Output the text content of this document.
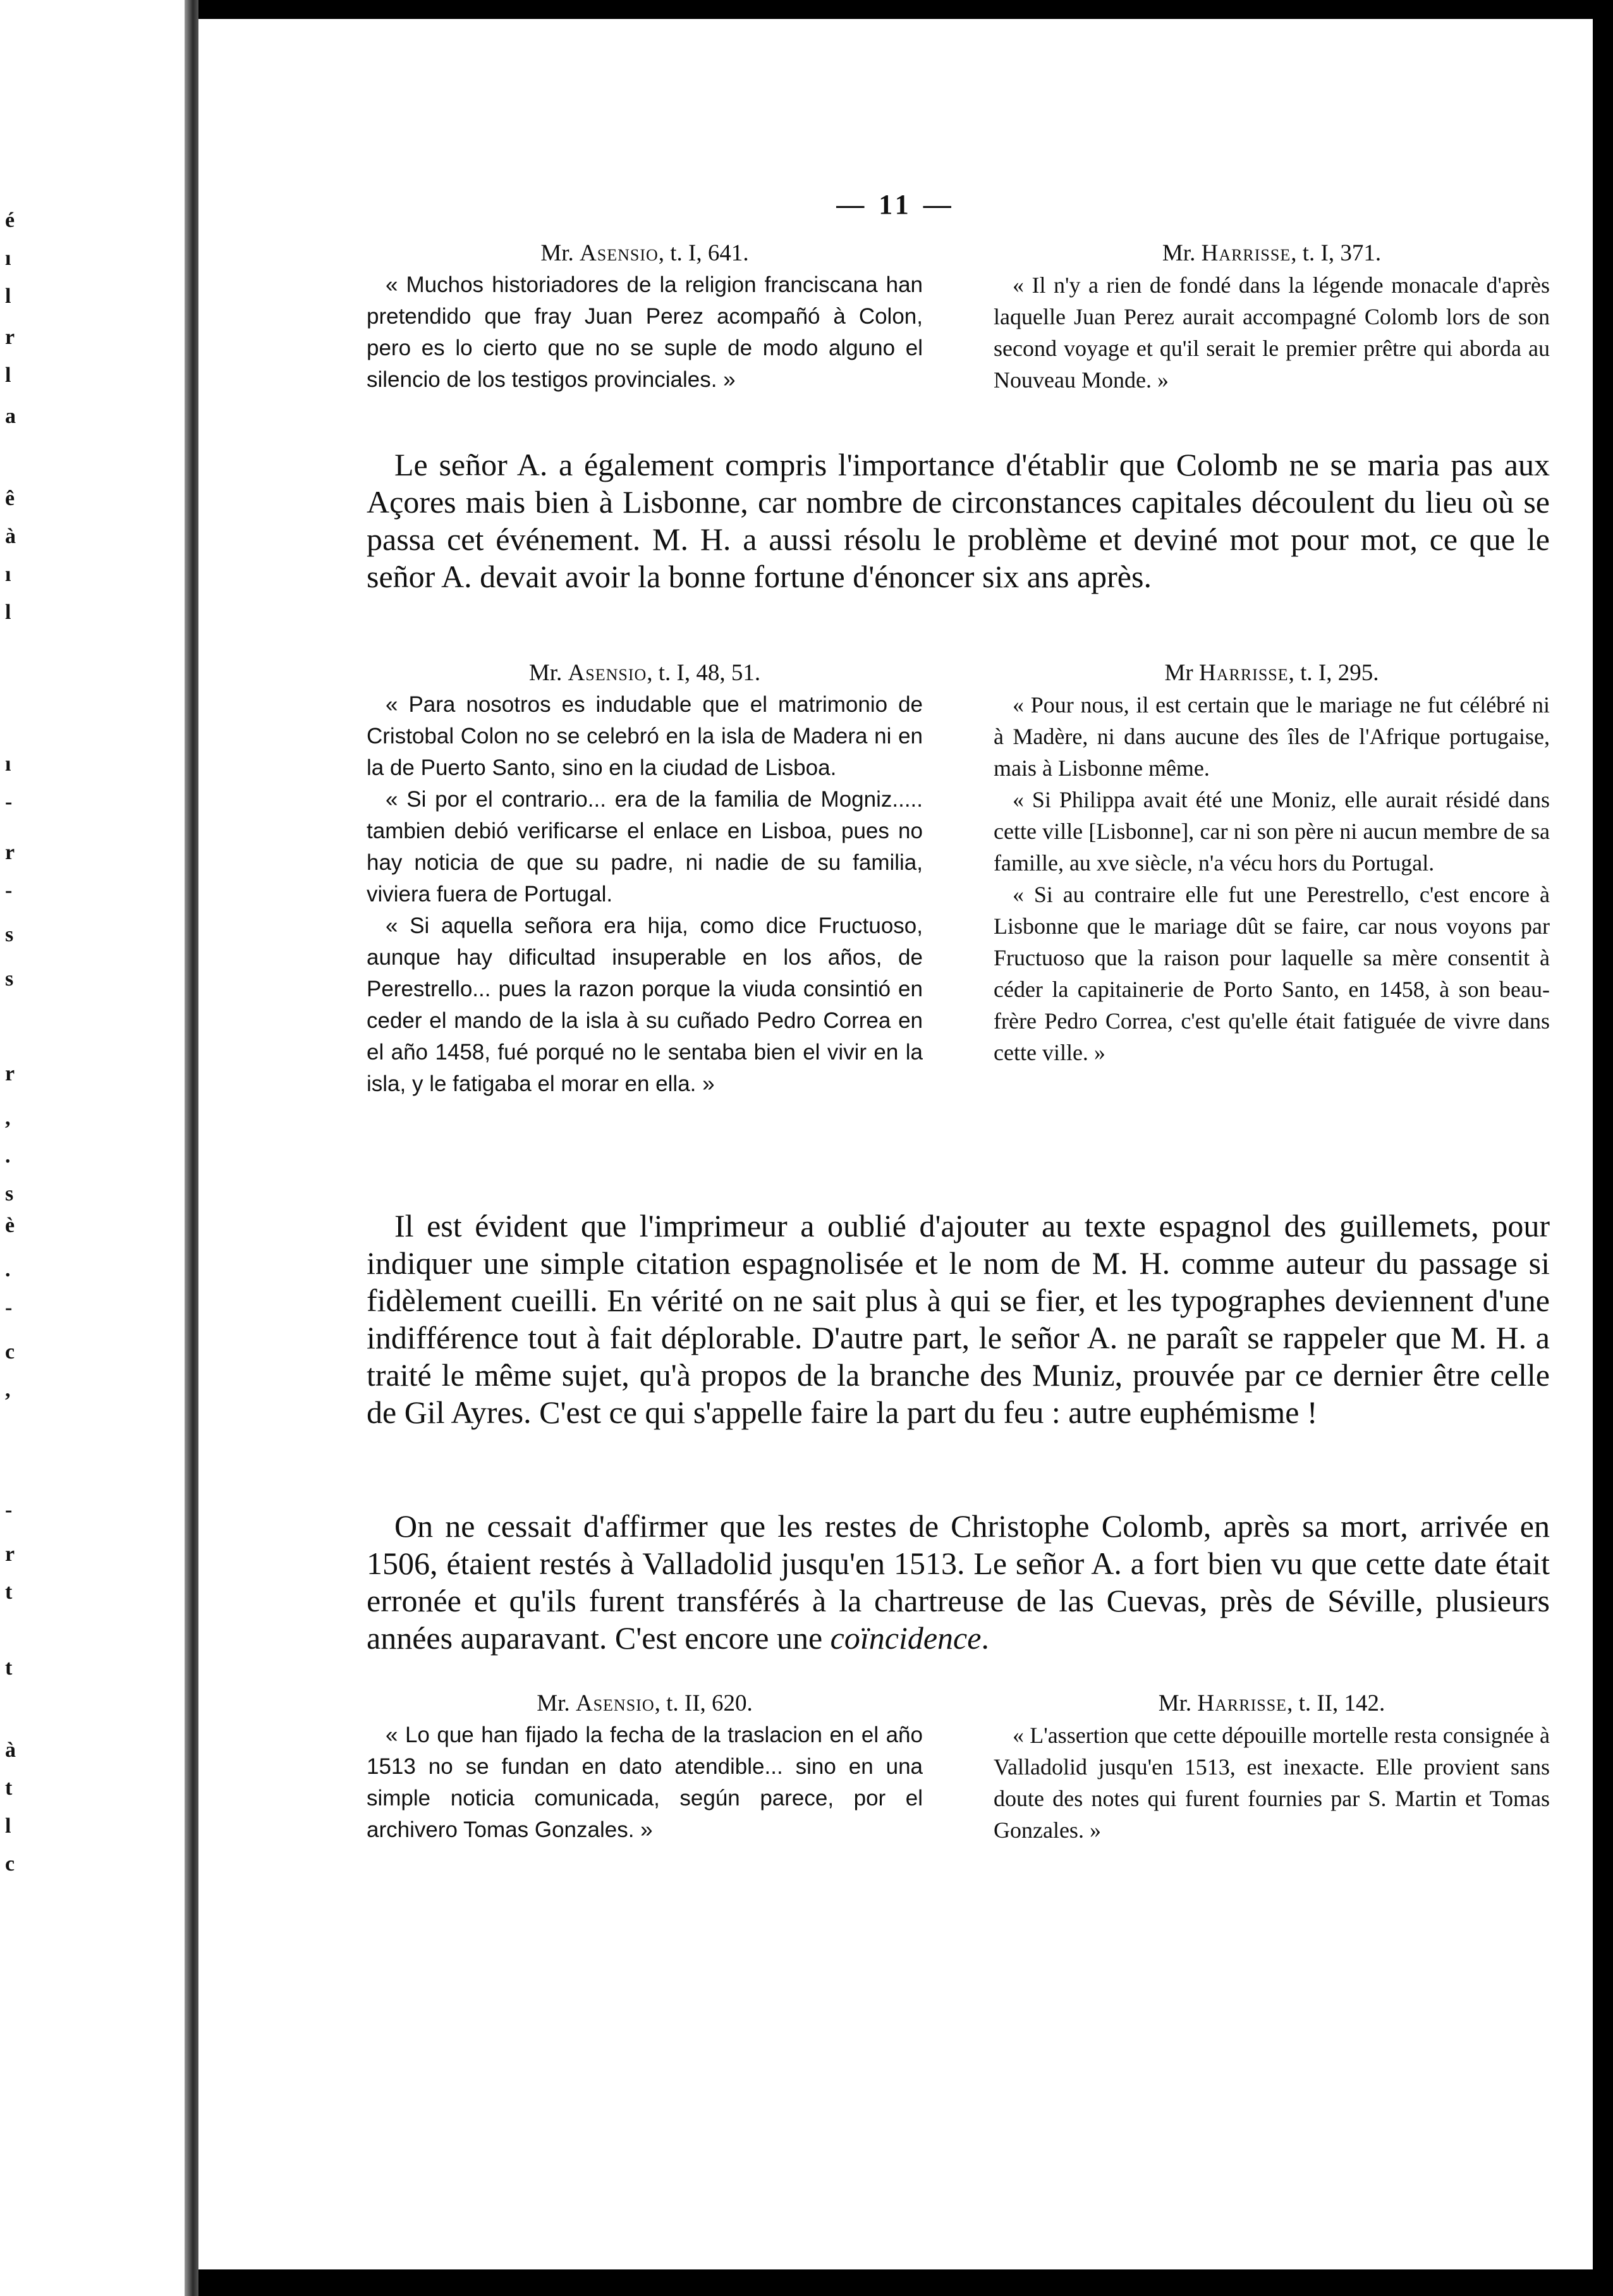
é
ı
l
r
l
a
ê
à
ı
l
ı
-
r
-
s
s
r
,
.
s
è
.
-
c
,
-
r
t
t
à
t
l
c
— 11 —
Mr. Asensio, t. I, 641.

« Muchos historiadores de la religion franciscana han pretendido que fray Juan Perez acompañó à Colon, pero es lo cierto que no se suple de modo alguno el silencio de los testigos provinciales. »

Mr. Harrisse, t. I, 371.

« Il n'y a rien de fondé dans la légende monacale d'après laquelle Juan Perez aurait accompagné Colomb lors de son second voyage et qu'il serait le premier prêtre qui aborda au Nouveau Monde. »

Le señor A. a également compris l'importance d'établir que Colomb ne se maria pas aux Açores mais bien à Lisbonne, car nombre de circonstances capitales découlent du lieu où se passa cet événement. M. H. a aussi résolu le problème et deviné mot pour mot, ce que le señor A. devait avoir la bonne fortune d'énoncer six ans après.

Mr. Asensio, t. I, 48, 51.

« Para nosotros es indudable que el matrimonio de Cristobal Colon no se celebró en la isla de Madera ni en la de Puerto Santo, sino en la ciudad de Lisboa.

« Si por el contrario... era de la familia de Mogniz..... tambien debió verificarse el enlace en Lisboa, pues no hay noticia de que su padre, ni nadie de su familia, viviera fuera de Portugal.

« Si aquella señora era hija, como dice Fructuoso, aunque hay dificultad insuperable en los años, de Perestrello... pues la razon porque la viuda consintió en ceder el mando de la isla à su cuñado Pedro Correa en el año 1458, fué porqué no le sentaba bien el vivir en la isla, y le fatigaba el morar en ella. »

Mr Harrisse, t. I, 295.

« Pour nous, il est certain que le mariage ne fut célébré ni à Madère, ni dans aucune des îles de l'Afrique portugaise, mais à Lisbonne même.

« Si Philippa avait été une Moniz, elle aurait résidé dans cette ville [Lisbonne], car ni son père ni aucun membre de sa famille, au xve siècle, n'a vécu hors du Portugal.

« Si au contraire elle fut une Perestrello, c'est encore à Lisbonne que le mariage dût se faire, car nous voyons par Fructuoso que la raison pour laquelle sa mère consentit à céder la capitainerie de Porto Santo, en 1458, à son beau-frère Pedro Correa, c'est qu'elle était fatiguée de vivre dans cette ville. »

Il est évident que l'imprimeur a oublié d'ajouter au texte espagnol des guillemets, pour indiquer une simple citation espagnolisée et le nom de M. H. comme auteur du passage si fidèlement cueilli. En vérité on ne sait plus à qui se fier, et les typographes deviennent d'une indifférence tout à fait déplorable. D'autre part, le señor A. ne paraît se rappeler que M. H. a traité le même sujet, qu'à propos de la branche des Muniz, prouvée par ce dernier être celle de Gil Ayres. C'est ce qui s'appelle faire la part du feu : autre euphémisme !

On ne cessait d'affirmer que les restes de Christophe Colomb, après sa mort, arrivée en 1506, étaient restés à Valladolid jusqu'en 1513. Le señor A. a fort bien vu que cette date était erronée et qu'ils furent transférés à la chartreuse de las Cuevas, près de Séville, plusieurs années auparavant. C'est encore une coïncidence.

Mr. Asensio, t. II, 620.

« Lo que han fijado la fecha de la traslacion en el año 1513 no se fundan en dato atendible... sino en una simple noticia comunicada, según parece, por el archivero Tomas Gonzales. »

Mr. Harrisse, t. II, 142.

« L'assertion que cette dépouille mortelle resta consignée à Valladolid jusqu'en 1513, est inexacte. Elle provient sans doute des notes qui furent fournies par S. Martin et Tomas Gonzales. »
